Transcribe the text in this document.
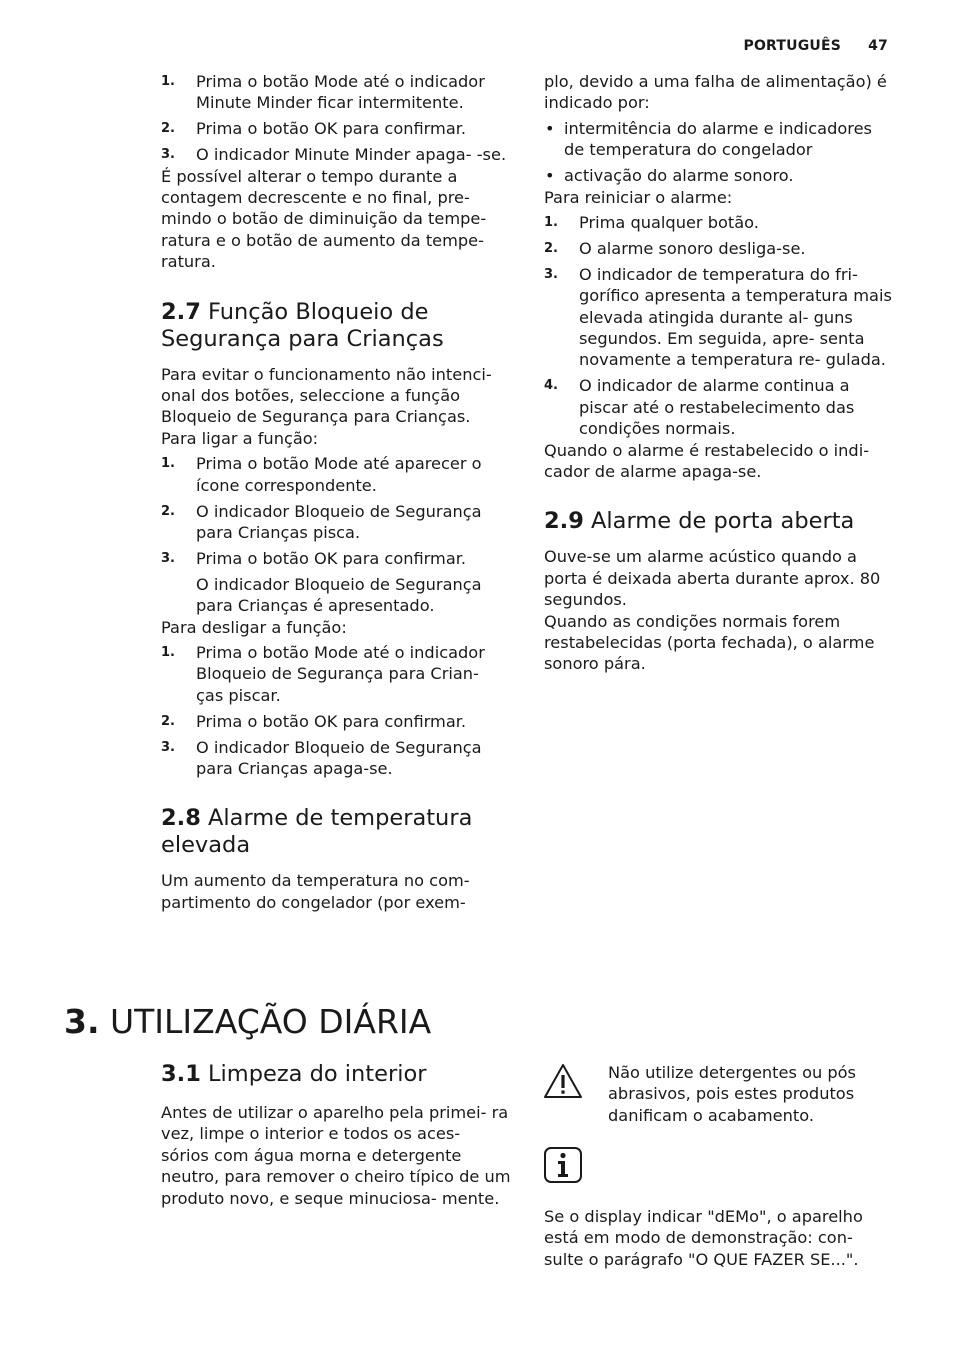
PORTUGUÊS 47
1. Prima o botão Mode até o indicador Minute Minder ficar intermitente.
2. Prima o botão OK para confirmar.
3. O indicador Minute Minder apaga- -se.

É possível alterar o tempo durante a contagem decrescente e no final, pre- mindo o botão de diminuição da tempe- ratura e o botão de aumento da tempe- ratura.

2.7 Função Bloqueio de Segurança para Crianças

Para evitar o funcionamento não intenci- onal dos botões, seleccione a função Bloqueio de Segurança para Crianças.

Para ligar a função:

1. Prima o botão Mode até aparecer o ícone correspondente.
2. O indicador Bloqueio de Segurança para Crianças pisca.
3. Prima o botão OK para confirmar.

O indicador Bloqueio de Segurança para Crianças é apresentado.

Para desligar a função:

1. Prima o botão Mode até o indicador Bloqueio de Segurança para Crian- ças piscar.
2. Prima o botão OK para confirmar.
3. O indicador Bloqueio de Segurança para Crianças apaga-se.
2.8 Alarme de temperatura elevada

Um aumento da temperatura no com- partimento do congelador (por exem-

plo, devido a uma falha de alimentação) é indicado por:

• intermitência do alarme e indicadores de temperatura do congelador
• activação do alarme sonoro.

Para reiniciar o alarme:

1. Prima qualquer botão.
2. O alarme sonoro desliga-se.
3. O indicador de temperatura do fri- gorífico apresenta a temperatura mais elevada atingida durante al- guns segundos. Em seguida, apre- senta novamente a temperatura re- gulada.
4. O indicador de alarme continua a piscar até o restabelecimento das condições normais.

Quando o alarme é restabelecido o indi- cador de alarme apaga-se.

2.9 Alarme de porta aberta

Ouve-se um alarme acústico quando a porta é deixada aberta durante aprox. 80 segundos.

Quando as condições normais forem restabelecidas (porta fechada), o alarme sonoro pára.

3. UTILIZAÇÃO DIÁRIA
3.1 Limpeza do interior

Antes de utilizar o aparelho pela primei- ra vez, limpe o interior e todos os aces- sórios com água morna e detergente neutro, para remover o cheiro típico de um produto novo, e seque minuciosa- mente.

Não utilize detergentes ou pós abrasivos, pois estes produtos danificam o acabamento.

Se o display indicar "dEMo", o aparelho está em modo de demonstração: con- sulte o parágrafo "O QUE FAZER SE...".
